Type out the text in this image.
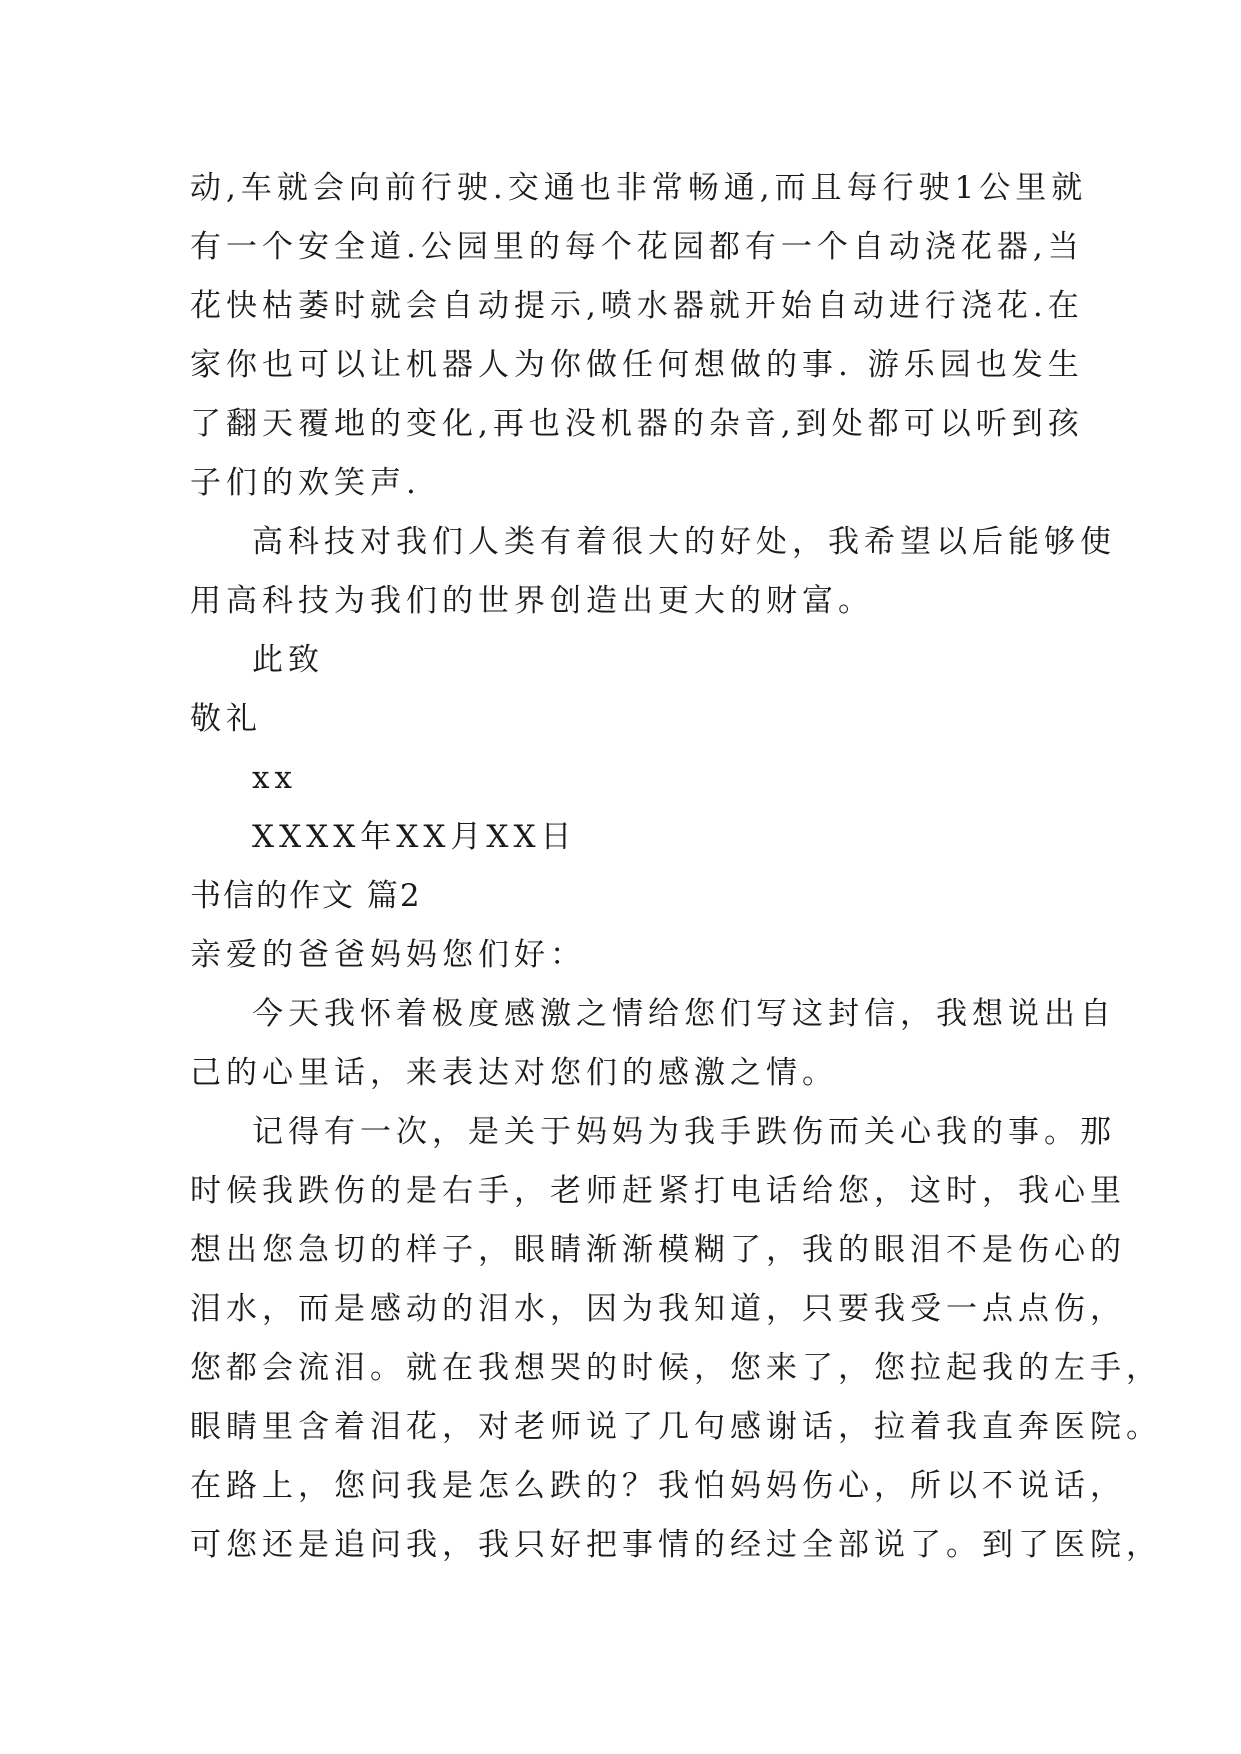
动,车就会向前行驶.交通也非常畅通,而且每行驶1公里就
有一个安全道.公园里的每个花园都有一个自动浇花器,当
花快枯萎时就会自动提示,喷水器就开始自动进行浇花.在
家你也可以让机器人为你做任何想做的事. 游乐园也发生
了翻天覆地的变化,再也没机器的杂音,到处都可以听到孩
子们的欢笑声.
高科技对我们人类有着很大的好处，我希望以后能够使
用高科技为我们的世界创造出更大的财富。
此致
敬礼
xx
XXXX年XX月XX日
书信的作文 篇2
亲爱的爸爸妈妈您们好：
今天我怀着极度感激之情给您们写这封信，我想说出自
己的心里话，来表达对您们的感激之情。
记得有一次，是关于妈妈为我手跌伤而关心我的事。那
时候我跌伤的是右手，老师赶紧打电话给您，这时，我心里
想出您急切的样子，眼睛渐渐模糊了，我的眼泪不是伤心的
泪水，而是感动的泪水，因为我知道，只要我受一点点伤，
您都会流泪。就在我想哭的时候，您来了，您拉起我的左手，
眼睛里含着泪花，对老师说了几句感谢话，拉着我直奔医院。
在路上，您问我是怎么跌的？我怕妈妈伤心，所以不说话，
可您还是追问我，我只好把事情的经过全部说了。到了医院，
